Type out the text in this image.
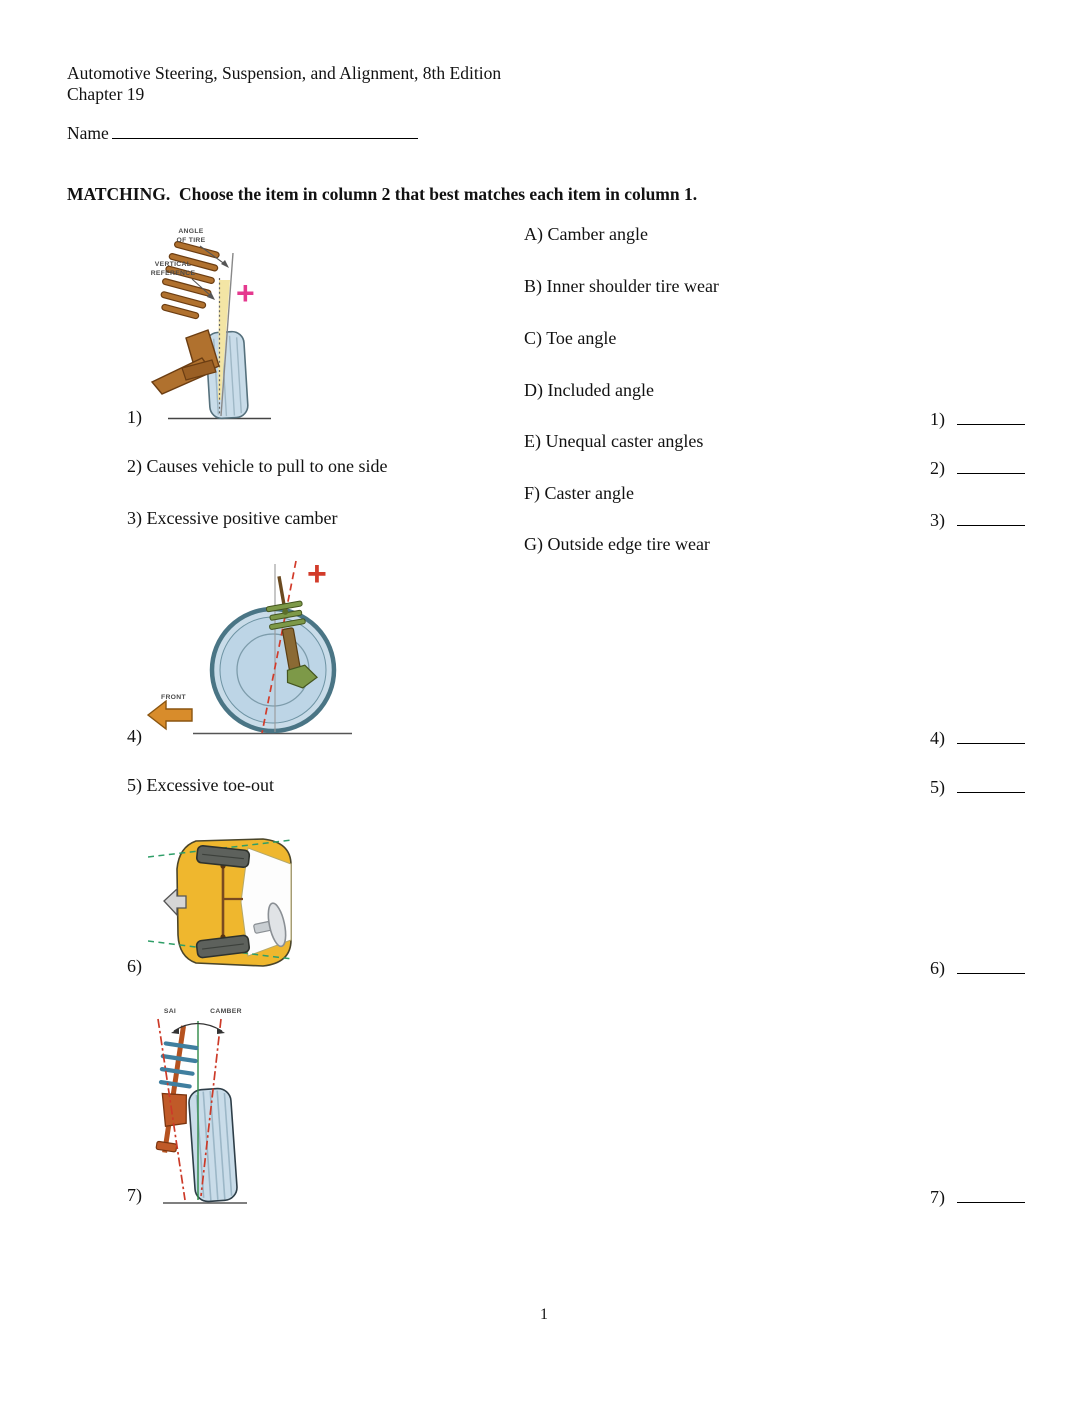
Automotive Steering, Suspension, and Alignment, 8th Edition
Chapter 19
Name
MATCHING.  Choose the item in column 2 that best matches each item in column 1.
A) Camber angle
B) Inner shoulder tire wear
C) Toe angle
D) Included angle
E) Unequal caster angles
F) Caster angle
G) Outside edge tire wear
1)
2) Causes vehicle to pull to one side
3) Excessive positive camber
4)
5) Excessive toe-out
6)
7)
+
ANGLE
OF TIRE
VERTICAL
REFERENCE
+
FRONT
SAI	CAMBER
1)
2)
3)
4)
5)
6)
7)
1
